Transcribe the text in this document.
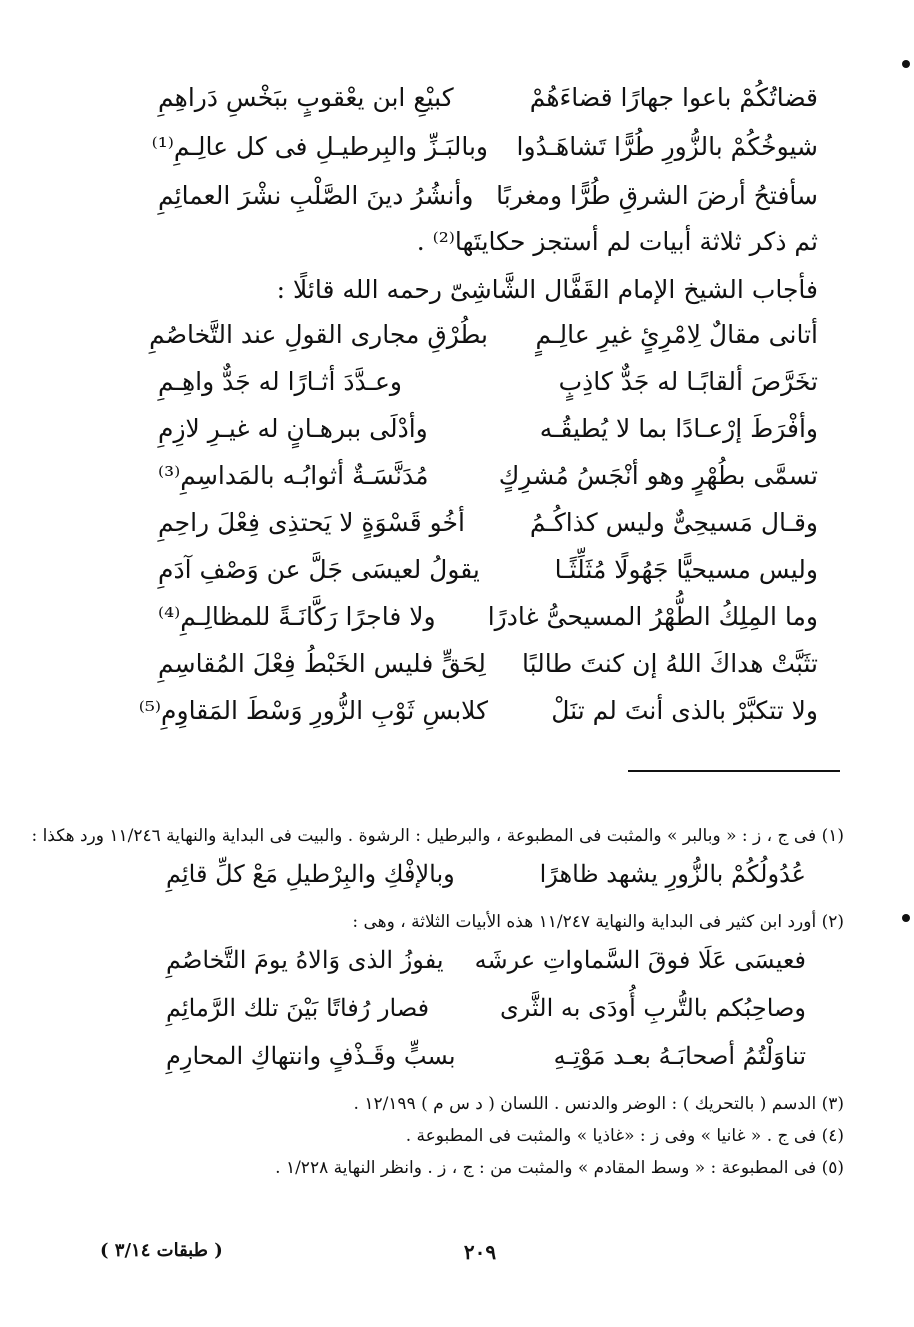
قضاتُكُمْ باعوا جهارًا قضاءَهُمْ
كبيْعِ ابن يعْقوبٍ ببَخْسِ دَراهِمِ
شيوخُكُمْ بالزُّورِ طُرًّا تَشاهَـدُوا
وبالبَـزِّ والبِرطيـلِ فى كل عالِـمِ⁽¹⁾
سأفتحُ أرضَ الشرقِ طُرًّا ومغربًا
وأنشُرُ دينَ الصَّلْبِ نشْرَ العمائِمِ
ثم ذكر ثلاثة أبيات لم أستجز حكايتَها⁽²⁾ .
فأجاب الشيخ الإمام القَفَّال الشَّاشِىّ رحمه الله قائلًا :
أتانى مقالٌ لِامْرِئٍ غيرِ عالِـمٍ
بطُرْقِ مجارى القولِ عند التَّخاصُمِ
تخَرَّصَ ألقابًـا له جَدٌّ كاذِبٍ
وعـدَّدَ أثـارًا له جَدٌّ واهِـمِ
وأفْرَطَ إرْعـادًا بما لا يُطيقُـه
وأدْلَى ببرهـانٍ له غيـرِ لازِمِ
تسمَّى بطُهْرٍ وهو أنْجَسُ مُشرِكٍ
مُدَنَّسَـةٌ أثوابُـه بالمَداسِمِ⁽³⁾
وقـال مَسيحِىٌّ وليس كذاكُـمُ
أخُو قَسْوَةٍ لا يَحتذِى فِعْلَ راحِمِ
وليس مسيحيًّا جَهُولًا مُثَلِّثًـا
يقولُ لعيسَى جَلَّ عن وَصْفِ آدَمِ
وما المِلِكُ الطُّهْرُ المسيحىُّ غادرًا
ولا فاجرًا رَكَّانَـةً للمظالِـمِ⁽⁴⁾
تثَبَّتْ هداكَ اللهُ إن كنتَ طالبًا
لِحَقٍّ فليس الخَبْطُ فِعْلَ المُقاسِمِ
ولا تتكبَّرْ بالذى أنتَ لم تنَلْ
كلابسِ ثَوْبِ الزُّورِ وَسْطَ المَقاوِمِ⁽⁵⁾
(١) فى ج ، ز : « وبالبر » والمثبت فى المطبوعة ، والبرطيل : الرشوة . والبيت فى البداية والنهاية ١١/٢٤٦ ورد هكذا :
عُدُولُكُمْ بالزُّورِ يشهد ظاهرًا
وبالإفْكِ والبِرْطيلِ مَعْ كلِّ قائِمِ
(٢) أورد ابن كثير فى البداية والنهاية ١١/٢٤٧ هذه الأبيات الثلاثة ، وهى :
فعيسَى عَلَا فوقَ السَّماواتِ عرشَه
يفوزُ الذى وَالاهُ يومَ التَّخاصُمِ
وصاحِبُكم بالتُّربِ أُودَى به الثَّرى
فصار رُفاتًا بَيْنَ تلك الرَّمائِمِ
تناوَلْتُمُ أصحابَـهُ بعـد مَوْتِـهِ
بسبٍّ وقَـذْفٍ وانتهاكِ المحارِمِ
(٣) الدسم ( بالتحريك ) : الوضر والدنس . اللسان ( د س م ) ١٢/١٩٩ .
(٤) فى ج . « غانيا » وفى ز : «غاذيا » والمثبت فى المطبوعة .
(٥) فى المطبوعة : « وسط المقادم » والمثبت من : ج ، ز . وانظر النهاية ١/٢٢٨ .
٢٠٩
( طبقات ٣/١٤ )
